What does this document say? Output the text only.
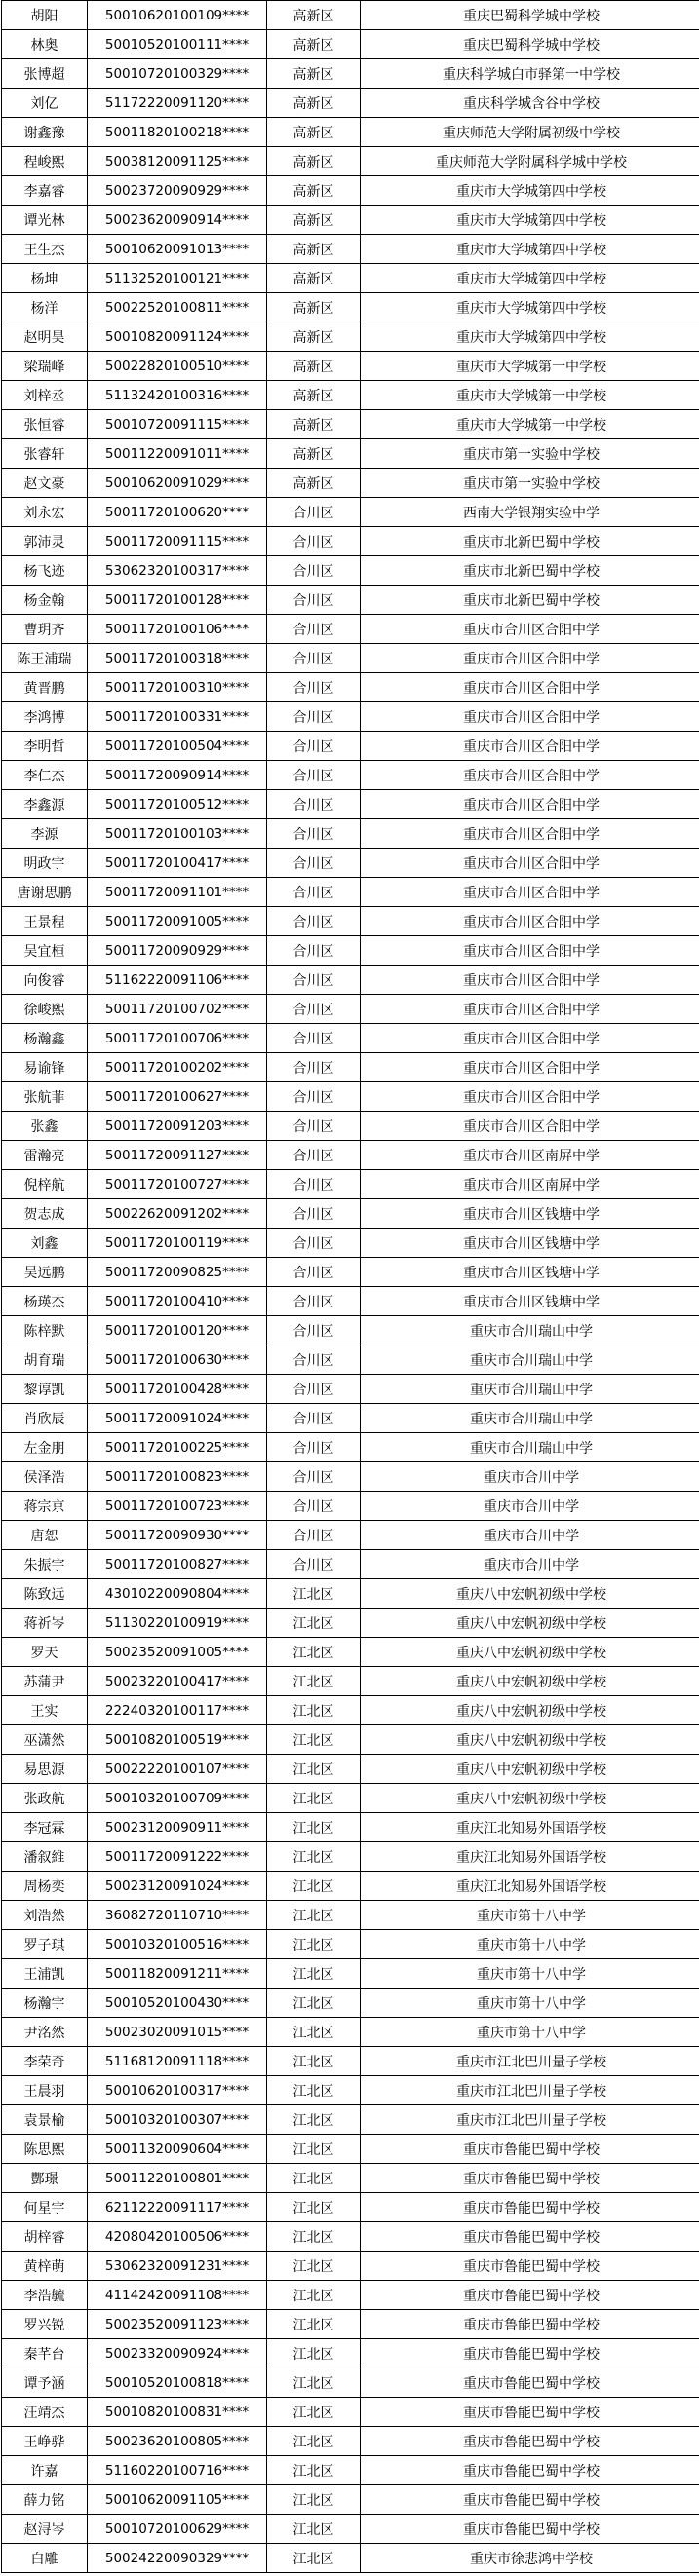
胡阳	50010620100109****	高新区	重庆巴蜀科学城中学校
林奥	50010520100111****	高新区	重庆巴蜀科学城中学校
张博超	50010720100329****	高新区	重庆科学城白市驿第一中学校
刘亿	51172220091120****	高新区	重庆科学城含谷中学校
谢鑫豫	50011820100218****	高新区	重庆师范大学附属初级中学校
程峻熙	50038120091125****	高新区	重庆师范大学附属科学城中学校
李嘉睿	50023720090929****	高新区	重庆市大学城第四中学校
谭光林	50023620090914****	高新区	重庆市大学城第四中学校
王生杰	50010620091013****	高新区	重庆市大学城第四中学校
杨坤	51132520100121****	高新区	重庆市大学城第四中学校
杨洋	50022520100811****	高新区	重庆市大学城第四中学校
赵明昊	50010820091124****	高新区	重庆市大学城第四中学校
梁瑞峰	50022820100510****	高新区	重庆市大学城第一中学校
刘梓丞	51132420100316****	高新区	重庆市大学城第一中学校
张恒睿	50010720091115****	高新区	重庆市大学城第一中学校
张睿轩	50011220091011****	高新区	重庆市第一实验中学校
赵文豪	50010620091029****	高新区	重庆市第一实验中学校
刘永宏	50011720100620****	合川区	西南大学银翔实验中学
郭沛灵	50011720091115****	合川区	重庆市北新巴蜀中学校
杨飞迹	53062320100317****	合川区	重庆市北新巴蜀中学校
杨金翰	50011720100128****	合川区	重庆市北新巴蜀中学校
曹玥齐	50011720100106****	合川区	重庆市合川区合阳中学
陈王浦瑞	50011720100318****	合川区	重庆市合川区合阳中学
黄晋鹏	50011720100310****	合川区	重庆市合川区合阳中学
李鸿博	50011720100331****	合川区	重庆市合川区合阳中学
李明哲	50011720100504****	合川区	重庆市合川区合阳中学
李仁杰	50011720090914****	合川区	重庆市合川区合阳中学
李鑫源	50011720100512****	合川区	重庆市合川区合阳中学
李源	50011720100103****	合川区	重庆市合川区合阳中学
明政宇	50011720100417****	合川区	重庆市合川区合阳中学
唐谢思鹏	50011720091101****	合川区	重庆市合川区合阳中学
王景程	50011720091005****	合川区	重庆市合川区合阳中学
吴宜桓	50011720090929****	合川区	重庆市合川区合阳中学
向俊睿	51162220091106****	合川区	重庆市合川区合阳中学
徐峻熙	50011720100702****	合川区	重庆市合川区合阳中学
杨瀚鑫	50011720100706****	合川区	重庆市合川区合阳中学
易谕锋	50011720100202****	合川区	重庆市合川区合阳中学
张航菲	50011720100627****	合川区	重庆市合川区合阳中学
张鑫	50011720091203****	合川区	重庆市合川区合阳中学
雷瀚亮	50011720091127****	合川区	重庆市合川区南屏中学
倪梓航	50011720100727****	合川区	重庆市合川区南屏中学
贺志成	50022620091202****	合川区	重庆市合川区钱塘中学
刘鑫	50011720100119****	合川区	重庆市合川区钱塘中学
吴远鹏	50011720090825****	合川区	重庆市合川区钱塘中学
杨瑛杰	50011720100410****	合川区	重庆市合川区钱塘中学
陈梓默	50011720100120****	合川区	重庆市合川瑞山中学
胡育瑞	50011720100630****	合川区	重庆市合川瑞山中学
黎谆凯	50011720100428****	合川区	重庆市合川瑞山中学
肖欣辰	50011720091024****	合川区	重庆市合川瑞山中学
左金朋	50011720100225****	合川区	重庆市合川瑞山中学
侯泽浩	50011720100823****	合川区	重庆市合川中学
蒋宗京	50011720100723****	合川区	重庆市合川中学
唐恕	50011720090930****	合川区	重庆市合川中学
朱振宇	50011720100827****	合川区	重庆市合川中学
陈致远	43010220090804****	江北区	重庆八中宏帆初级中学校
蒋祈岑	51130220100919****	江北区	重庆八中宏帆初级中学校
罗天	50023520091005****	江北区	重庆八中宏帆初级中学校
苏蒲尹	50023220100417****	江北区	重庆八中宏帆初级中学校
王实	22240320100117****	江北区	重庆八中宏帆初级中学校
巫潇然	50010820100519****	江北区	重庆八中宏帆初级中学校
易思源	50022220100107****	江北区	重庆八中宏帆初级中学校
张政航	50010320100709****	江北区	重庆八中宏帆初级中学校
李冠霖	50023120090911****	江北区	重庆江北知易外国语学校
潘叙維	50011720091222****	江北区	重庆江北知易外国语学校
周杨奕	50023120091024****	江北区	重庆江北知易外国语学校
刘浩然	36082720110710****	江北区	重庆市第十八中学
罗子琪	50010320100516****	江北区	重庆市第十八中学
王浦凯	50011820091211****	江北区	重庆市第十八中学
杨瀚宇	50010520100430****	江北区	重庆市第十八中学
尹洺然	50023020091015****	江北区	重庆市第十八中学
李荣奇	51168120091118****	江北区	重庆市江北巴川量子学校
王晨羽	50010620100317****	江北区	重庆市江北巴川量子学校
袁景榆	50010320100307****	江北区	重庆市江北巴川量子学校
陈思熙	50011320090604****	江北区	重庆市鲁能巴蜀中学校
酆璟	50011220100801****	江北区	重庆市鲁能巴蜀中学校
何星宇	62112220091117****	江北区	重庆市鲁能巴蜀中学校
胡梓睿	42080420100506****	江北区	重庆市鲁能巴蜀中学校
黄梓萌	53062320091231****	江北区	重庆市鲁能巴蜀中学校
李浩毓	41142420091108****	江北区	重庆市鲁能巴蜀中学校
罗兴锐	50023520091123****	江北区	重庆市鲁能巴蜀中学校
秦芊台	50023320090924****	江北区	重庆市鲁能巴蜀中学校
谭予涵	50010520100818****	江北区	重庆市鲁能巴蜀中学校
汪靖杰	50010820100831****	江北区	重庆市鲁能巴蜀中学校
王峥骅	50023620100805****	江北区	重庆市鲁能巴蜀中学校
许嘉	51160220100716****	江北区	重庆市鲁能巴蜀中学校
薛力铭	50010620091105****	江北区	重庆市鲁能巴蜀中学校
赵浔岑	50010720100629****	江北区	重庆市鲁能巴蜀中学校
白雕	50024220090329****	江北区	重庆市徐悲鸿中学校
